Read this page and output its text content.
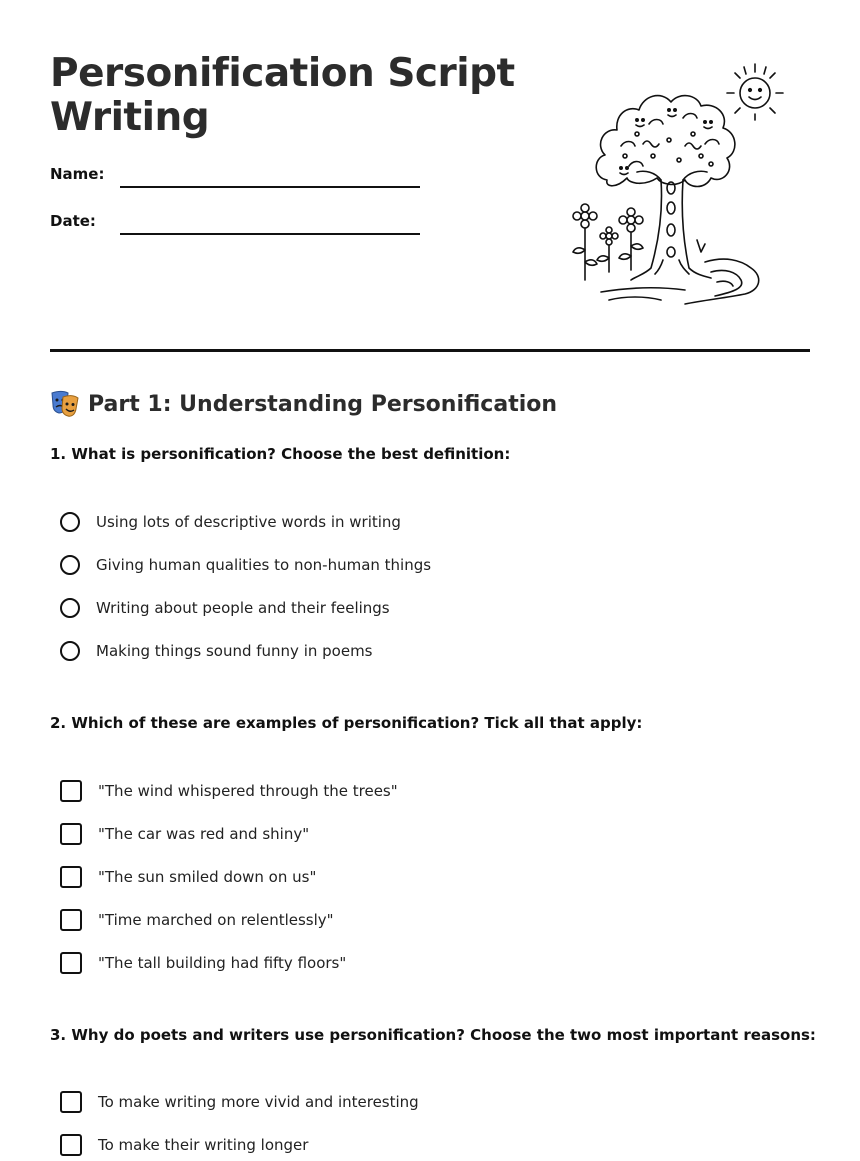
Personification Script Writing
Name:
Date:
Part 1: Understanding Personification

1. What is personification? Choose the best definition:

Using lots of descriptive words in writing
Giving human qualities to non-human things
Writing about people and their feelings
Making things sound funny in poems

2. Which of these are examples of personification? Tick all that apply:

"The wind whispered through the trees"
"The car was red and shiny"
"The sun smiled down on us"
"Time marched on relentlessly"
"The tall building had fifty floors"

3. Why do poets and writers use personification? Choose the two most important reasons:

To make writing more vivid and interesting
To make their writing longer
